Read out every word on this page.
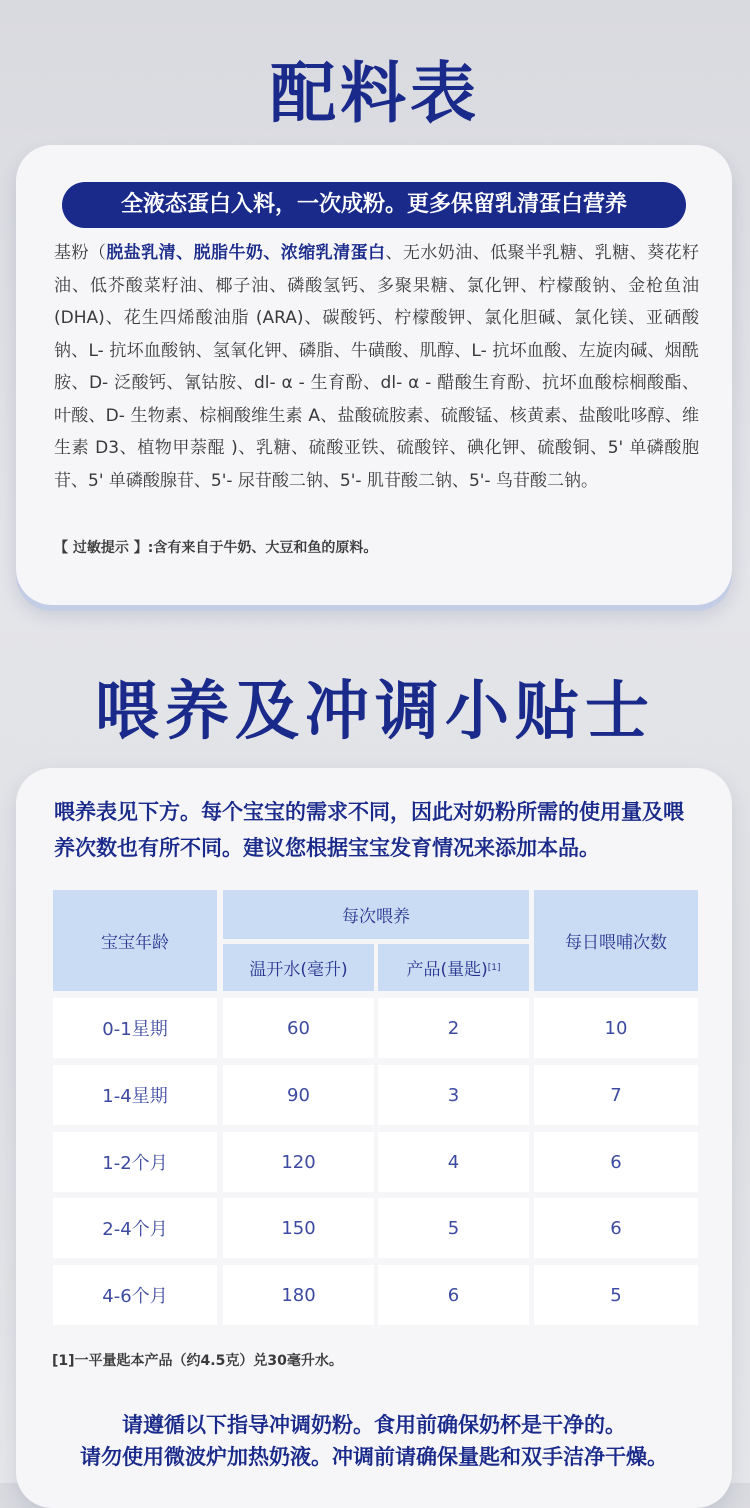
配料表
全液态蛋白入料，一次成粉。更多保留乳清蛋白营养

基粉（脱盐乳清、脱脂牛奶、浓缩乳清蛋白、无水奶油、低聚半乳糖、乳糖、葵花籽油、低芥酸菜籽油、椰子油、磷酸氢钙、多聚果糖、氯化钾、柠檬酸钠、金枪鱼油(DHA)、花生四烯酸油脂 (ARA)、碳酸钙、柠檬酸钾、氯化胆碱、氯化镁、亚硒酸钠、L- 抗坏血酸钠、氢氧化钾、磷脂、牛磺酸、肌醇、L- 抗坏血酸、左旋肉碱、烟酰胺、D- 泛酸钙、氰钴胺、dl- α - 生育酚、dl- α - 醋酸生育酚、抗坏血酸棕榈酸酯、叶酸、D- 生物素、棕榈酸维生素 A、盐酸硫胺素、硫酸锰、核黄素、盐酸吡哆醇、维生素 D3、植物甲萘醌 )、乳糖、硫酸亚铁、硫酸锌、碘化钾、硫酸铜、5' 单磷酸胞苷、5' 单磷酸腺苷、5'- 尿苷酸二钠、5'- 肌苷酸二钠、5'- 鸟苷酸二钠。

【 过敏提示 】:含有来自于牛奶、大豆和鱼的原料。

喂养及冲调小贴士

喂养表见下方。每个宝宝的需求不同，因此对奶粉所需的使用量及喂养次数也有所不同。建议您根据宝宝发育情况来添加本品。

宝宝年龄
每次喂养
温开水(毫升)	产品(量匙) [1]
每日喂哺次数
0-1星期	60	2	10
1-4星期	90	3	7
1-2个月	120	4	6
2-4个月	150	5	6
4-6个月	180	6	5

[1]一平量匙本产品（约4.5克）兑30毫升水。

请遵循以下指导冲调奶粉。食用前确保奶杯是干净的。

请勿使用微波炉加热奶液。冲调前请确保量匙和双手洁净干燥。
